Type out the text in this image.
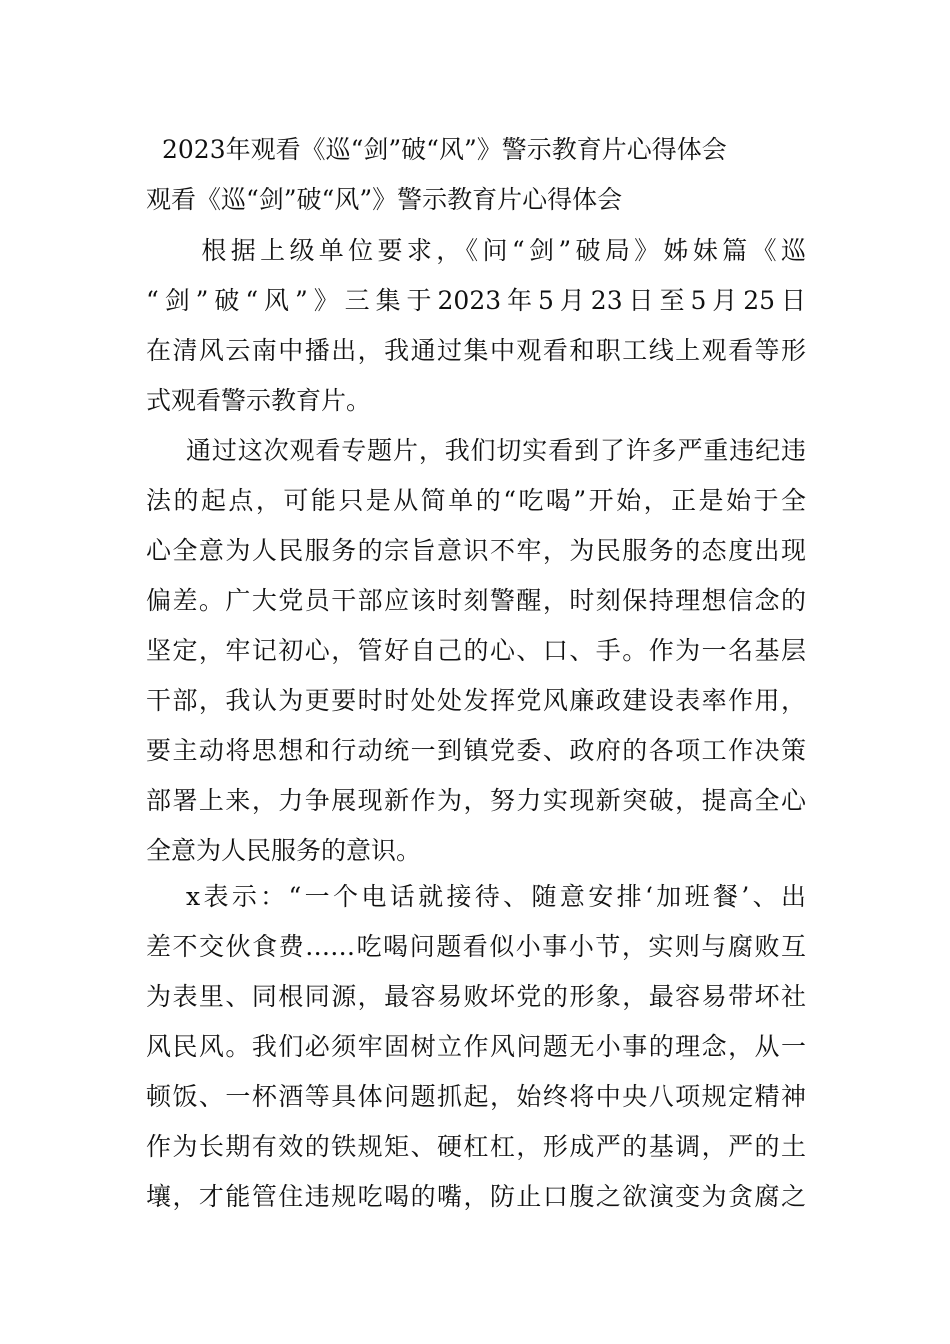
2023年观看《巡“剑”破“风”》警示教育片心得体会
观看《巡“剑”破“风”》警示教育片心得体会
　根据上级单位要求，《问“剑”破局》姊妹篇《巡
“剑”破“风”》三集于2023年5月23日至5月25日
在清风云南中播出，我通过集中观看和职工线上观看等形
式观看警示教育片。
通过这次观看专题片，我们切实看到了许多严重违纪违
法的起点，可能只是从简单的“吃喝”开始，正是始于全
心全意为人民服务的宗旨意识不牢，为民服务的态度出现
偏差。广大党员干部应该时刻警醒，时刻保持理想信念的
坚定，牢记初心，管好自己的心、口、手。作为一名基层
干部，我认为更要时时处处发挥党风廉政建设表率作用，
要主动将思想和行动统一到镇党委、政府的各项工作决策
部署上来，力争展现新作为，努力实现新突破，提高全心
全意为人民服务的意识。
x表示：“一个电话就接待、随意安排‘加班餐’、出
差不交伙食费……吃喝问题看似小事小节，实则与腐败互
为表里、同根同源，最容易败坏党的形象，最容易带坏社
风民风。我们必须牢固树立作风问题无小事的理念，从一
顿饭、一杯酒等具体问题抓起，始终将中央八项规定精神
作为长期有效的铁规矩、硬杠杠，形成严的基调，严的土
壤，才能管住违规吃喝的嘴，防止口腹之欲演变为贪腐之
